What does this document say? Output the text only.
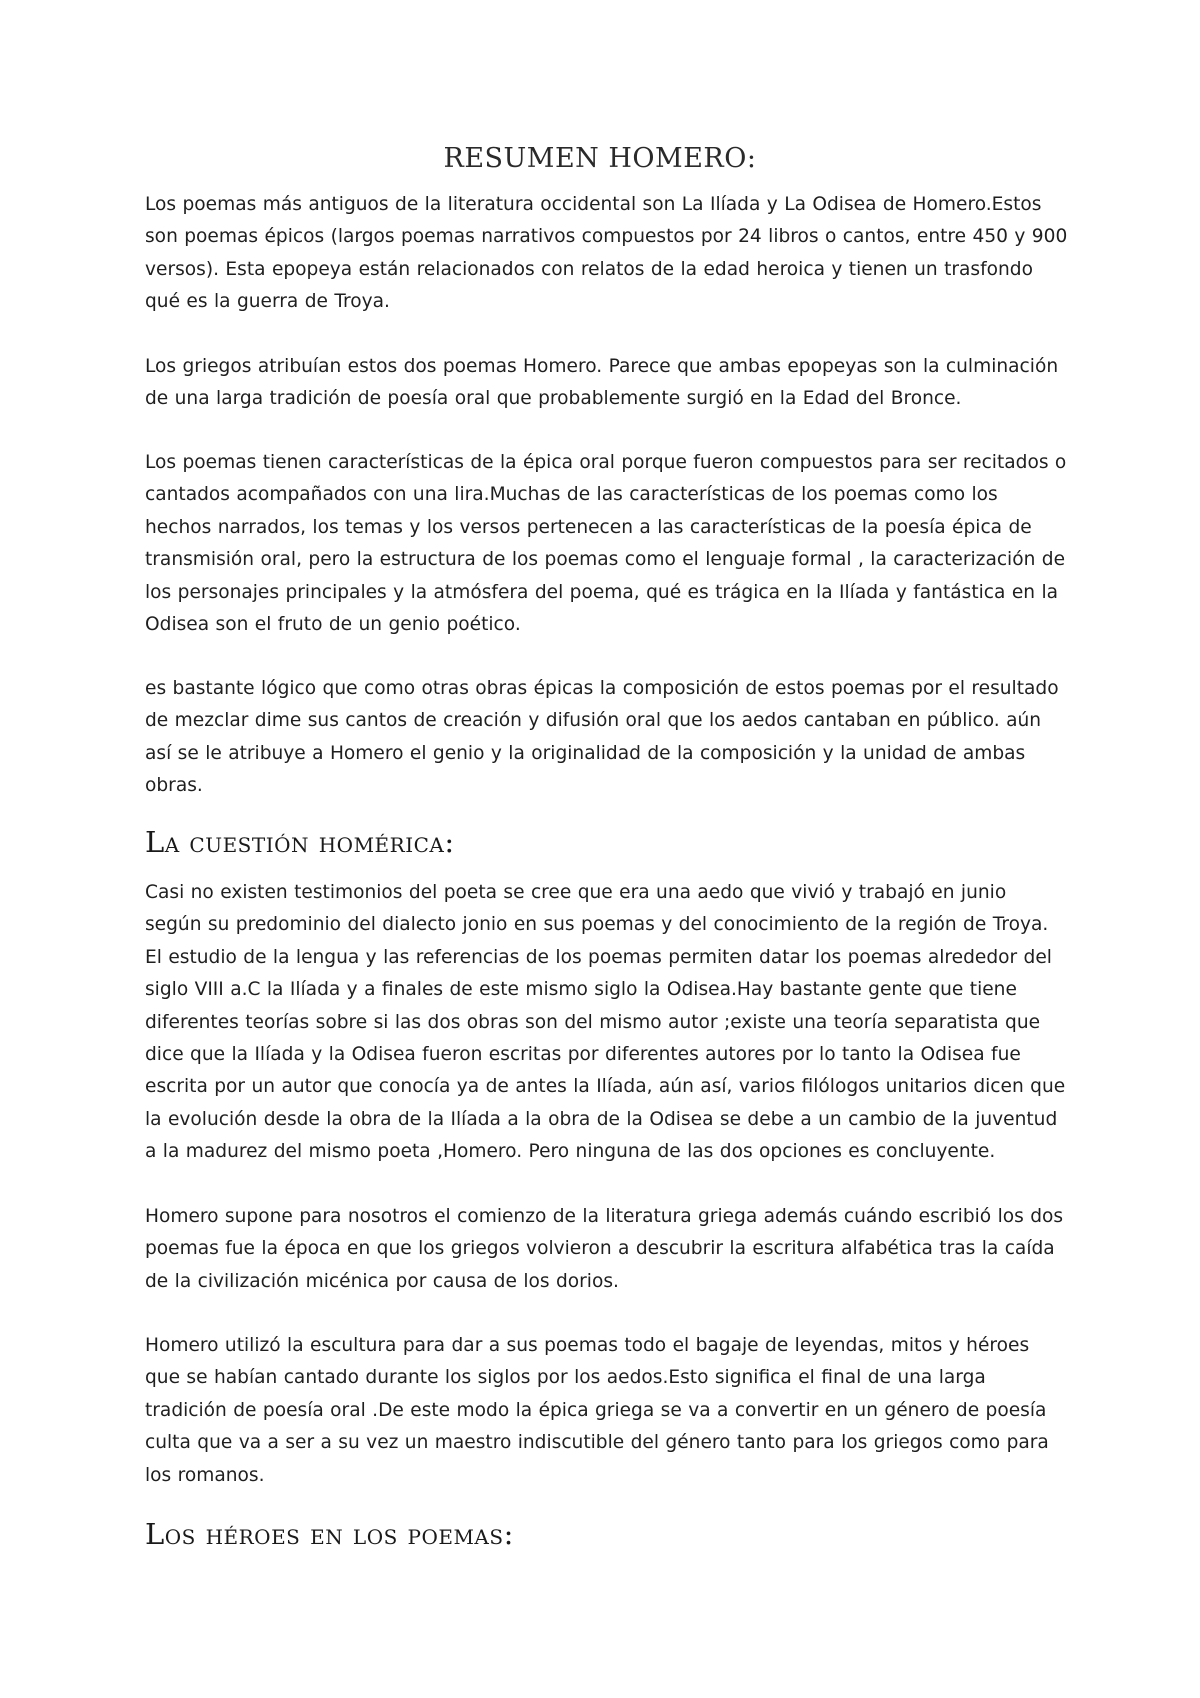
RESUMEN HOMERO:

Los poemas más antiguos de la literatura occidental son La Ilíada y La Odisea de Homero.Estos son poemas épicos (largos poemas narrativos compuestos por 24 libros o cantos, entre 450 y 900 versos). Esta epopeya están relacionados con relatos de la edad heroica y tienen un trasfondo qué es la guerra de Troya.

Los griegos atribuían estos dos poemas Homero. Parece que ambas epopeyas son la culminación de una larga tradición de poesía oral que probablemente surgió en la Edad del Bronce.

Los poemas tienen características de la épica oral porque fueron compuestos para ser recitados o cantados acompañados con una lira.Muchas de las características de los poemas como los hechos narrados, los temas y los versos pertenecen a las características de la poesía épica de transmisión oral, pero la estructura de los poemas como el lenguaje formal , la caracterización de los personajes principales y la atmósfera del poema, qué es trágica en la Ilíada y fantástica en la Odisea son el fruto de un genio poético.

es bastante lógico que como otras obras épicas la composición de estos poemas por el resultado de mezclar dime sus cantos de creación y difusión oral que los aedos cantaban en público. aún así se le atribuye a Homero el genio y la originalidad de la composición y la unidad de ambas obras.

La cuestión homérica:

Casi no existen testimonios del poeta se cree que era una aedo que vivió y trabajó en junio según su predominio del dialecto jonio en sus poemas y del conocimiento de la región de Troya. El estudio de la lengua y las referencias de los poemas permiten datar los poemas alrededor del siglo VIII a.C la Ilíada y a finales de este mismo siglo la Odisea.Hay bastante gente que tiene diferentes teorías sobre si las dos obras son del mismo autor ;existe una teoría separatista que dice que la Ilíada y la Odisea fueron escritas por diferentes autores por lo tanto la Odisea fue escrita por un autor que conocía ya de antes la Ilíada, aún así, varios filólogos unitarios dicen que la evolución desde la obra de la Ilíada a la obra de la Odisea se debe a un cambio de la juventud a la madurez del mismo poeta ,Homero. Pero ninguna de las dos opciones es concluyente.

Homero supone para nosotros el comienzo de la literatura griega además cuándo escribió los dos poemas fue la época en que los griegos volvieron a descubrir la escritura alfabética tras la caída de la civilización micénica por causa de los dorios.

Homero utilizó la escultura para dar a sus poemas todo el bagaje de leyendas, mitos y héroes que se habían cantado durante los siglos por los aedos.Esto significa el final de una larga tradición de poesía oral .De este modo la épica griega se va a convertir en un género de poesía culta que va a ser a su vez un maestro indiscutible del género tanto para los griegos como para los romanos.

Los héroes en los poemas:
